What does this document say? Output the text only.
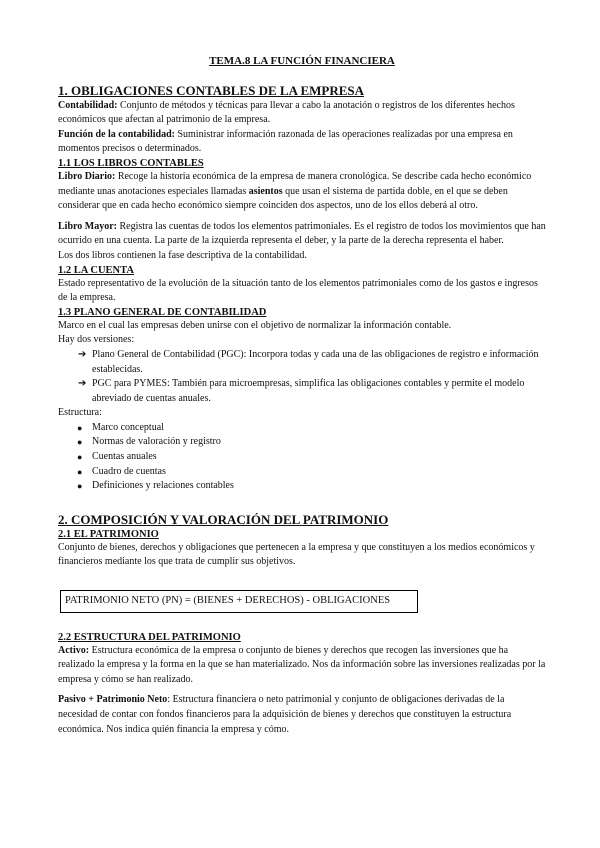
TEMA.8 LA FUNCIÓN FINANCIERA

1. OBLIGACIONES CONTABLES DE LA EMPRESA

Contabilidad: Conjunto de métodos y técnicas para llevar a cabo la anotación o registros de los diferentes hechos económicos que afectan al patrimonio de la empresa.

Función de la contabilidad: Suministrar información razonada de las operaciones realizadas por una empresa en momentos precisos o determinados.

1.1 LOS LIBROS CONTABLES

Libro Diario: Recoge la historia económica de la empresa de manera cronológica. Se describe cada hecho económico mediante unas anotaciones especiales llamadas asientos que usan el sistema de partida doble, en el que se deben considerar que en cada hecho económico siempre coinciden dos aspectos, uno de los ellos deberá al otro.

Libro Mayor: Registra las cuentas de todos los elementos patrimoniales. Es el registro de todos los movimientos que han ocurrido en una cuenta. La parte de la izquierda representa el deber, y la parte de la derecha representa el haber.

Los dos libros contienen la fase descriptiva de la contabilidad.

1.2 LA CUENTA

Estado representativo de la evolución de la situación tanto de los elementos patrimoniales como de los gastos e ingresos de la empresa.

1.3 PLANO GENERAL DE CONTABILIDAD

Marco en el cual las empresas deben unirse con el objetivo de normalizar la información contable.

Hay dos versiones:

➔ Plano General de Contabilidad (PGC): Incorpora todas y cada una de las obligaciones de registro e información establecidas.
➔ PGC para PYMES: También para microempresas, simplifica las obligaciones contables y permite el modelo abreviado de cuentas anuales.

Estructura:

● Marco conceptual
● Normas de valoración y registro
● Cuentas anuales
● Cuadro de cuentas
● Definiciones y relaciones contables
2. COMPOSICIÓN Y VALORACIÓN DEL PATRIMONIO
2.1 EL PATRIMONIO

Conjunto de bienes, derechos y obligaciones que pertenecen a la empresa y que constituyen a los medios económicos y financieros mediante los que trata de cumplir sus objetivos.

PATRIMONIO NETO (PN) = (BIENES + DERECHOS) - OBLIGACIONES
2.2 ESTRUCTURA DEL PATRIMONIO

Activo: Estructura económica de la empresa o conjunto de bienes y derechos que recogen las inversiones que ha realizado la empresa y la forma en la que se han materializado. Nos da información sobre las inversiones realizadas por la empresa y cómo se han realizado.

Pasivo + Patrimonio Neto: Estructura financiera o neto patrimonial y conjunto de obligaciones derivadas de la necesidad de contar con fondos financieros para la adquisición de bienes y derechos que constituyen la estructura económica. Nos indica quién financia la empresa y cómo.
